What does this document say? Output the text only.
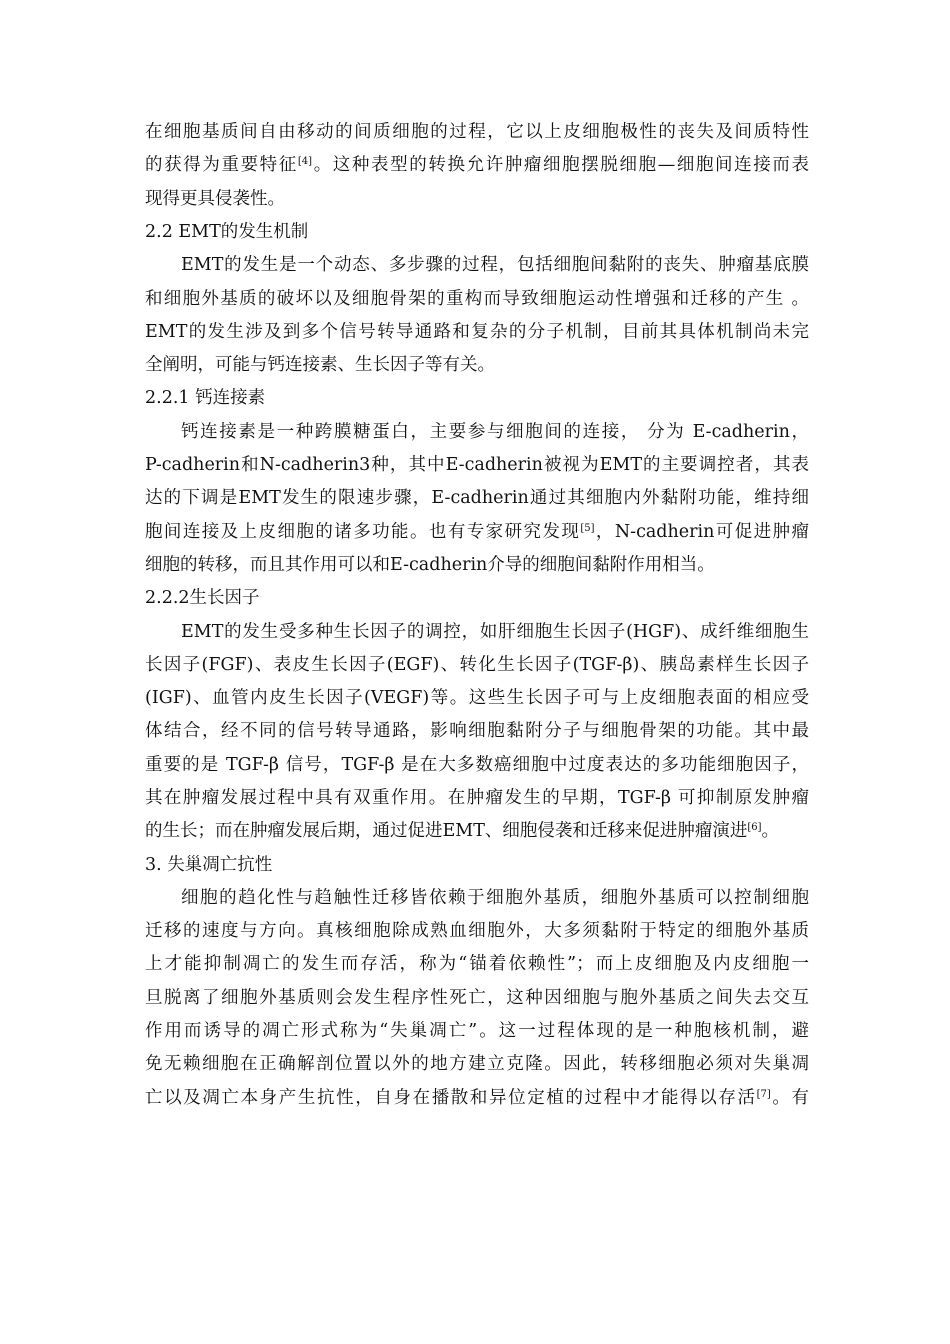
在细胞基质间自由移动的间质细胞的过程，它以上皮细胞极性的丧失及间质特性
的获得为重要特征[4]。这种表型的转换允许肿瘤细胞摆脱细胞—细胞间连接而表
现得更具侵袭性。
2.2 EMT的发生机制
EMT的发生是一个动态、多步骤的过程，包括细胞间黏附的丧失、肿瘤基底膜
和细胞外基质的破坏以及细胞骨架的重构而导致细胞运动性增强和迁移的产生 。
EMT的发生涉及到多个信号转导通路和复杂的分子机制，目前其具体机制尚未完
全阐明，可能与钙连接素、生长因子等有关。
2.2.1 钙连接素
钙连接素是一种跨膜糖蛋白，主要参与细胞间的连接， 分为 E-cadherin，
P-cadherin和N-cadherin3种，其中E-cadherin被视为EMT的主要调控者，其表
达的下调是EMT发生的限速步骤，E-cadherin通过其细胞内外黏附功能，维持细
胞间连接及上皮细胞的诸多功能。也有专家研究发现[5]，N-cadherin可促进肿瘤
细胞的转移，而且其作用可以和E-cadherin介导的细胞间黏附作用相当。
2.2.2生长因子
EMT的发生受多种生长因子的调控，如肝细胞生长因子(HGF)、成纤维细胞生
长因子(FGF)、表皮生长因子(EGF)、转化生长因子(TGF-β)、胰岛素样生长因子
(IGF)、血管内皮生长因子(VEGF)等。这些生长因子可与上皮细胞表面的相应受
体结合，经不同的信号转导通路，影响细胞黏附分子与细胞骨架的功能。其中最
重要的是 TGF-β 信号，TGF-β 是在大多数癌细胞中过度表达的多功能细胞因子，
其在肿瘤发展过程中具有双重作用。在肿瘤发生的早期，TGF-β 可抑制原发肿瘤
的生长；而在肿瘤发展后期，通过促进EMT、细胞侵袭和迁移来促进肿瘤演进[6]。
3. 失巢凋亡抗性
细胞的趋化性与趋触性迁移皆依赖于细胞外基质，细胞外基质可以控制细胞
迁移的速度与方向。真核细胞除成熟血细胞外，大多须黏附于特定的细胞外基质
上才能抑制凋亡的发生而存活，称为“锚着依赖性”；而上皮细胞及内皮细胞一
旦脱离了细胞外基质则会发生程序性死亡，这种因细胞与胞外基质之间失去交互
作用而诱导的凋亡形式称为“失巢凋亡”。这一过程体现的是一种胞核机制，避
免无赖细胞在正确解剖位置以外的地方建立克隆。因此，转移细胞必须对失巢凋
亡以及凋亡本身产生抗性，自身在播散和异位定植的过程中才能得以存活[7]。有
